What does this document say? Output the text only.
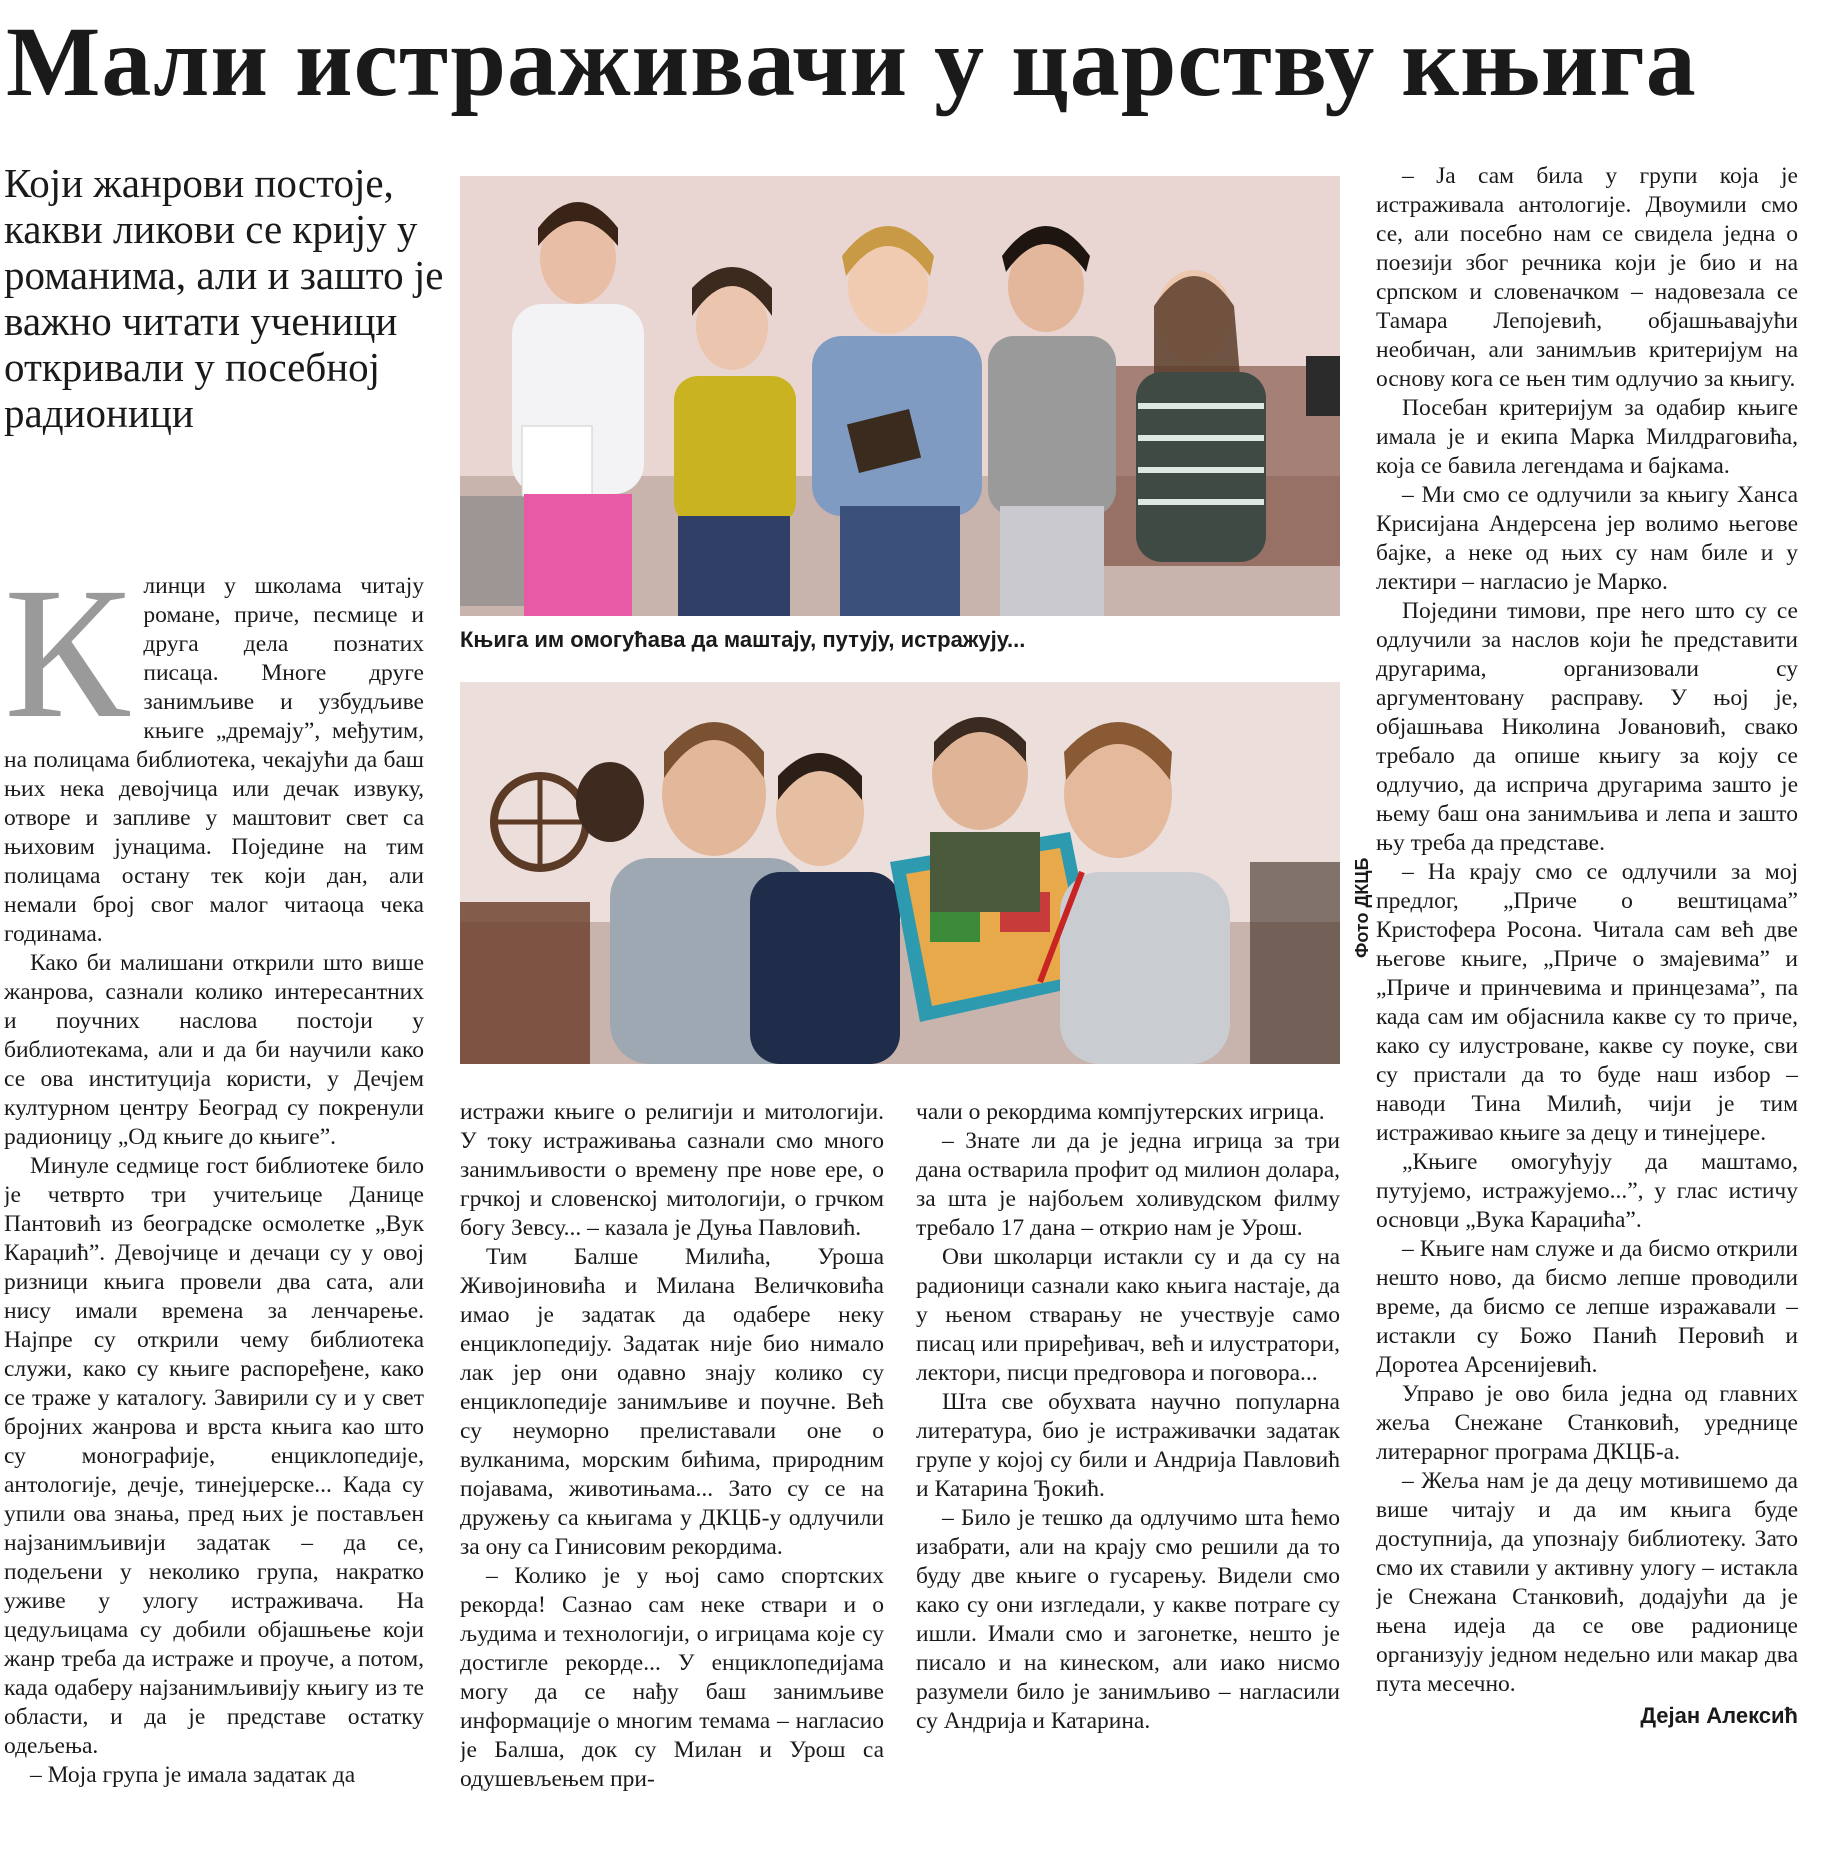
Мали истраживачи у царству књига
Који жанрови постоје, какви ликови се крију у романима, али и зашто је важно читати ученици откривали у посебној радионици
К линци у школама читају романе, приче, песмице и друга дела познатих писаца. Многе друге занимљиве и узбудљиве књиге „дремају”, међутим, на полицама библиотека, чекајући да баш њих нека девојчица или дечак извуку, отворе и запливе у маштовит свет са њиховим јунацима. Поједине на тим полицама остану тек који дан, али немали број свог малог читаоца чека годинама.

Како би малишани открили што више жанрова, сазнали колико интересантних и поучних наслова постоји у библиотекама, али и да би научили како се ова институција користи, у Дечјем културном центру Београд су покренули радионицу „Од књиге до књиге”.

Минуле седмице гост библиотеке било је четврто три учитељице Данице Пантовић из београдске осмолетке „Вук Караџић”. Девојчице и дечаци су у овој ризници књига провели два сата, али нису имали времена за ленчарење. Најпре су открили чему библиотека служи, како су књиге распоређене, како се траже у каталогу. Завирили су и у свет бројних жанрова и врста књига као што су монографије, енциклопедије, антологије, дечје, тинејџерске... Када су упили ова знања, пред њих је постављен најзанимљивији задатак – да се, подељени у неколико група, накратко уживе у улогу истраживача. На цедуљицама су добили објашњење који жанр треба да истраже и проуче, а потом, када одаберу најзанимљивију књигу из те области, и да је представе остатку одељења.

– Моја група је имала задатак да

Књига им омогућава да маштају, путују, истражују...
Фото ДКЦБ

истражи књиге о религији и митологији. У току истраживања сазнали смо много занимљивости о времену пре нове ере, о грчкој и словенској митологији, о грчком богу Зевсу... – казала је Дуња Павловић.

Тим Балше Милића, Уроша Живојиновића и Милана Величковића имао је задатак да одабере неку енциклопедију. Задатак није био нимало лак јер они одавно знају колико су енциклопедије занимљиве и поучне. Већ су неуморно прелиставали оне о вулканима, морским бићима, природним појавама, животињама... Зато су се на дружењу са књигама у ДКЦБ-у одлучили за ону са Гинисовим рекордима.

– Колико је у њој само спортских рекорда! Сазнао сам неке ствари и о људима и технологији, о игрицама које су достигле рекорде... У енциклопедијама могу да се нађу баш занимљиве информације о многим темама – нагласио је Балша, док су Милан и Урош са одушевљењем при-

чали о рекордима компјутерских игрица.

– Знате ли да је једна игрица за три дана остварила профит од милион долара, за шта је најбољем холивудском филму требало 17 дана – открио нам је Урош.

Ови школарци истакли су и да су на радионици сазнали како књига настаје, да у њеном стварању не учествује само писац или приређивач, већ и илустратори, лектори, писци предговора и поговора...

Шта све обухвата научно популарна литература, био је истраживачки задатак групе у којој су били и Андрија Павловић и Катарина Ђокић.

– Било је тешко да одлучимо шта ћемо изабрати, али на крају смо решили да то буду две књиге о гусарењу. Видели смо како су они изгледали, у какве потраге су ишли. Имали смо и загонетке, нешто је писало и на кинеском, али иако нисмо разумели било је занимљиво – нагласили су Андрија и Катарина.

– Ја сам била у групи која је истраживала антологије. Двоумили смо се, али посебно нам се свидела једна о поезији због речника који је био и на српском и словеначком – надовезала се Тамара Лепојевић, објашњавајући необичан, али занимљив критеријум на основу кога се њен тим одлучио за књигу.

Посебан критеријум за одабир књиге имала је и екипа Марка Милдраговића, која се бавила легендама и бајкама.

– Ми смо се одлучили за књигу Ханса Крисијана Андерсена јер волимо његове бајке, а неке од њих су нам биле и у лектири – нагласио је Марко.

Поједини тимови, пре него што су се одлучили за наслов који ће представити другарима, организовали су аргументовану расправу. У њој је, објашњава Николина Јовановић, свако требало да опише књигу за коју се одлучио, да исприча другарима зашто је њему баш она занимљива и лепа и зашто њу треба да представе.

– На крају смо се одлучили за мој предлог, „Приче о вештицама” Кристофера Росона. Читала сам већ две његове књиге, „Приче о змајевима” и „Приче и принчевима и принцезама”, па када сам им објаснила какве су то приче, како су илустроване, какве су поуке, сви су пристали да то буде наш избор – наводи Тина Милић, чији је тим истраживао књиге за децу и тинејџере.

„Књиге омогућују да маштамо, путујемо, истражујемо...”, у глас истичу основци „Вука Караџића”.

– Књиге нам служе и да бисмо открили нешто ново, да бисмо лепше проводили време, да бисмо се лепше изражавали – истакли су Божо Панић Перовић и Доротеа Арсенијевић.

Управо је ово била једна од главних жеља Снежане Станковић, уреднице литерарног програма ДКЦБ-а.

– Жеља нам је да децу мотивишемо да више читају и да им књига буде доступнија, да упознају библиотеку. Зато смо их ставили у активну улогу – истакла је Снежана Станковић, додајући да је њена идеја да се ове радионице организују једном недељно или макар два пута месечно.

Дејан Алексић
